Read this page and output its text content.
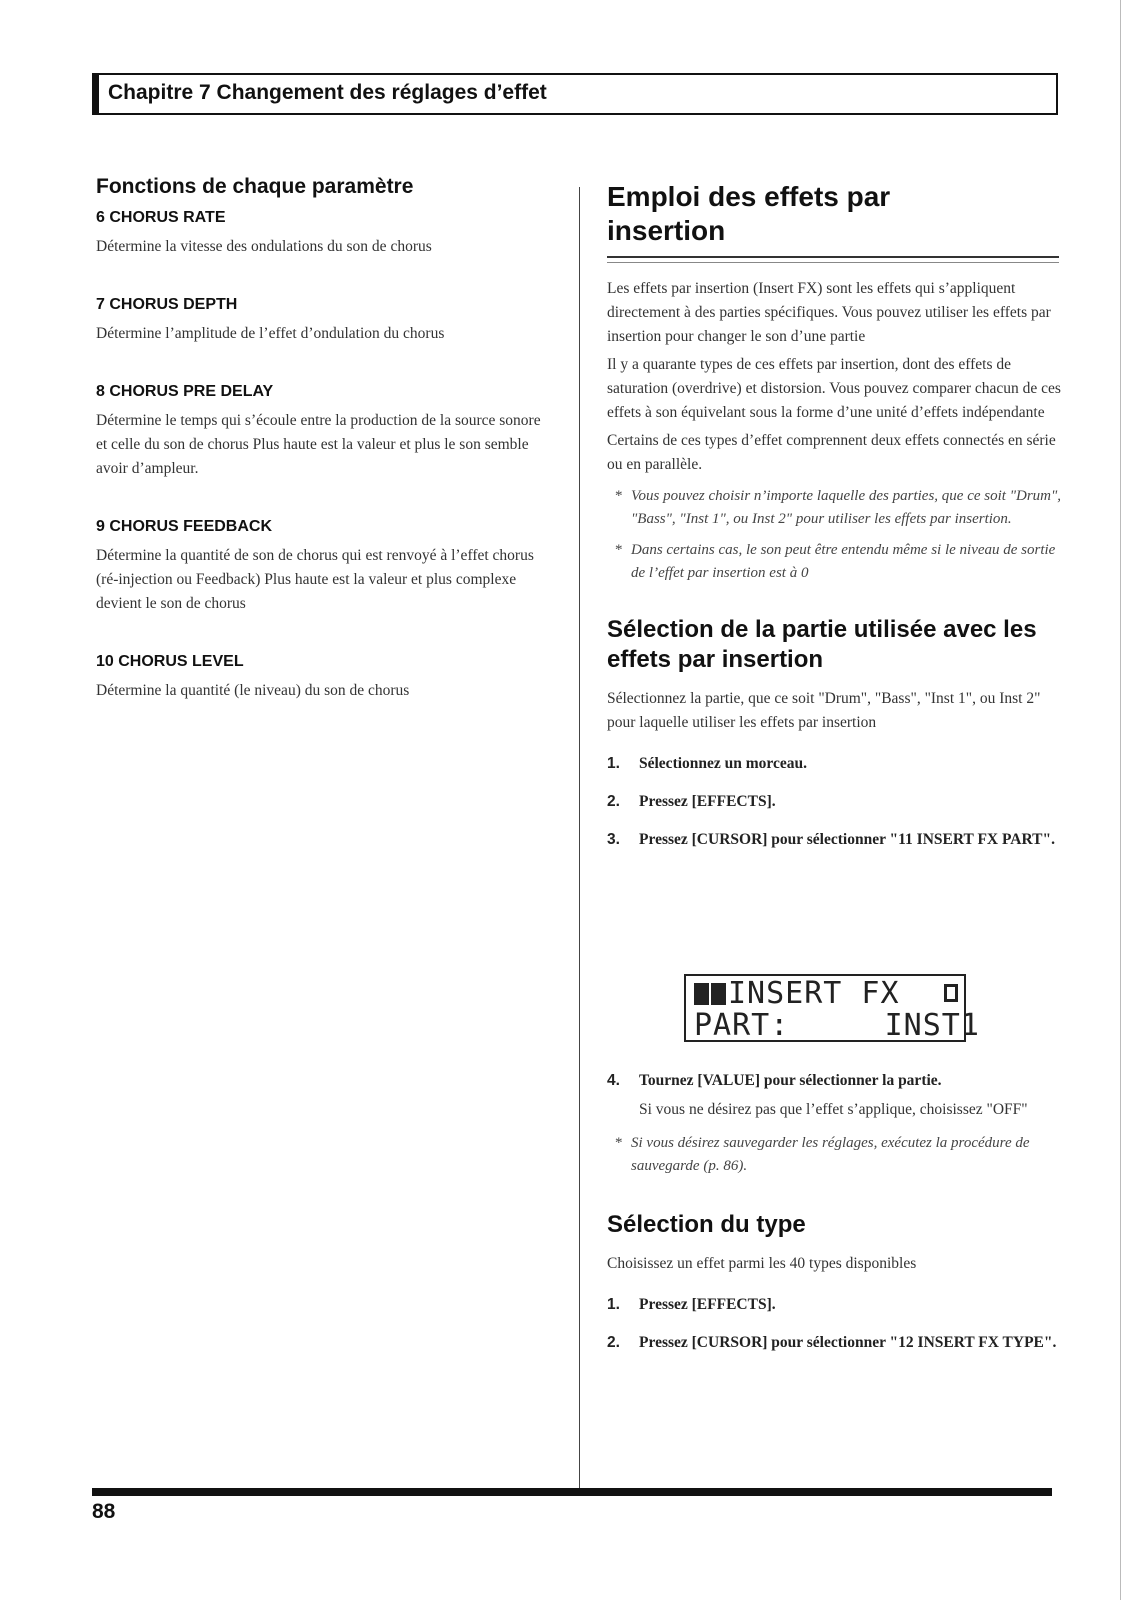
Chapitre 7 Changement des réglages d’effet
Fonctions de chaque paramètre
6 CHORUS RATE

Détermine la vitesse des ondulations du son de chorus

7 CHORUS DEPTH

Détermine l’amplitude de l’effet d’ondulation du chorus

8 CHORUS PRE DELAY

Détermine le temps qui s’écoule entre la production de la source sonore et celle du son de chorus Plus haute est la valeur et plus le son semble avoir d’ampleur.

9 CHORUS FEEDBACK

Détermine la quantité de son de chorus qui est renvoyé à l’effet chorus (ré-injection ou Feedback) Plus haute est la valeur et plus complexe devient le son de chorus

10 CHORUS LEVEL

Détermine la quantité (le niveau) du son de chorus

Emploi des effets par insertion

Les effets par insertion (Insert FX) sont les effets qui s’appliquent directement à des parties spécifiques. Vous pouvez utiliser les effets par insertion pour changer le son d’une partie

Il y a quarante types de ces effets par insertion, dont des effets de saturation (overdrive) et distorsion. Vous pouvez comparer chacun de ces effets à son équivelant sous la forme d’une unité d’effets indépendante

Certains de ces types d’effet comprennent deux effets connectés en série ou en parallèle.

* Vous pouvez choisir n’importe laquelle des parties, que ce soit "Drum", "Bass", "Inst 1", ou Inst 2" pour utiliser les effets par insertion.

* Dans certains cas, le son peut être entendu même si le niveau de sortie de l’effet par insertion est à 0

Sélection de la partie utilisée avec les effets par insertion

Sélectionnez la partie, que ce soit "Drum", "Bass", "Inst 1", ou Inst 2" pour laquelle utiliser les effets par insertion

1. Sélectionnez un morceau.
2. Pressez [EFFECTS].
3. Pressez [CURSOR] pour sélectionner "11 INSERT FX PART".
INSERT FX
PART:	INST1
4. Tournez [VALUE] pour sélectionner la partie.

Si vous ne désirez pas que l’effet s’applique, choisissez "OFF"

* Si vous désirez sauvegarder les réglages, exécutez la procédure de sauvegarde (p. 86).

Sélection du type

Choisissez un effet parmi les 40 types disponibles

1. Pressez [EFFECTS].
2. Pressez [CURSOR] pour sélectionner "12 INSERT FX TYPE".
88
